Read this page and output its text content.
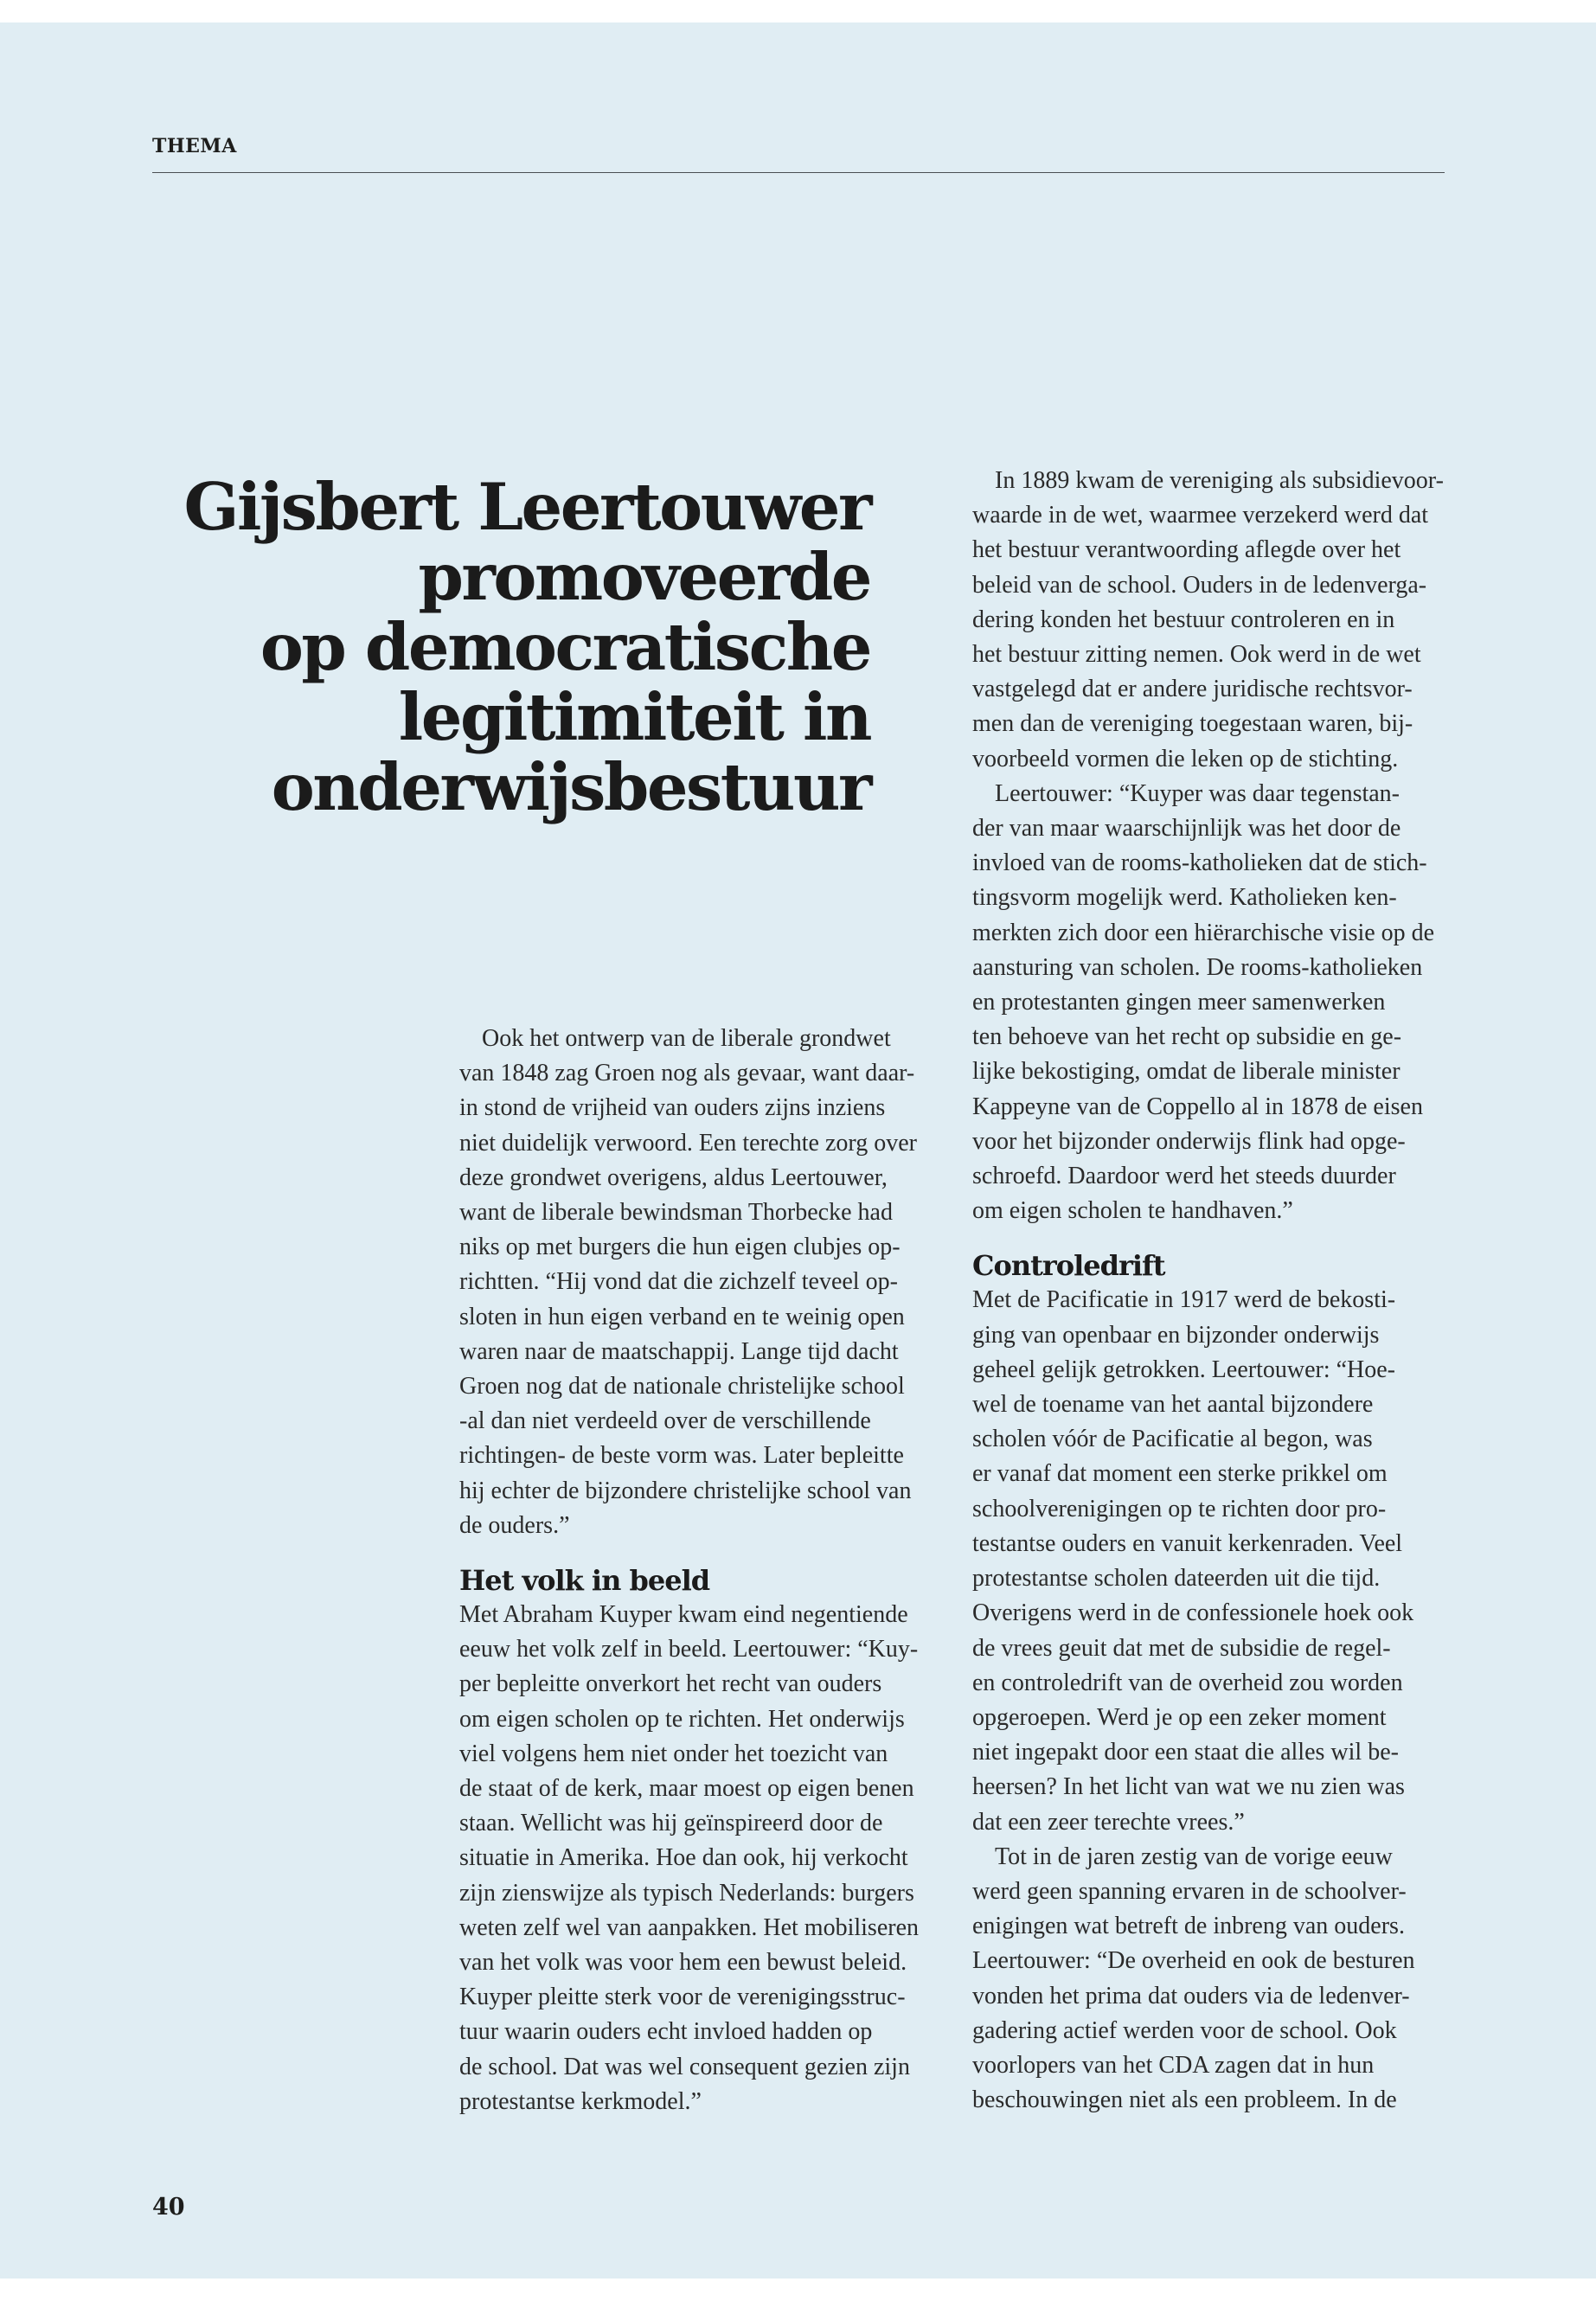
THEMA
Gijsbert Leertouwer
promoveerde
op democratische
legitimiteit in
onderwijsbestuur

Ook het ontwerp van de liberale grondwet
van 1848 zag Groen nog als gevaar, want daar-
in stond de vrijheid van ouders zijns inziens
niet duidelijk verwoord. Een terechte zorg over
deze grondwet overigens, aldus Leertouwer,
want de liberale bewindsman Thorbecke had
niks op met burgers die hun eigen clubjes op-
richtten. “Hij vond dat die zichzelf teveel op-
sloten in hun eigen verband en te weinig open
waren naar de maatschappij. Lange tijd dacht
Groen nog dat de nationale christelijke school
-al dan niet verdeeld over de verschillende
richtingen- de beste vorm was. Later bepleitte
hij echter de bijzondere christelijke school van
de ouders.”

Het volk in beeld

Met Abraham Kuyper kwam eind negentiende
eeuw het volk zelf in beeld. Leertouwer: “Kuy-
per bepleitte onverkort het recht van ouders
om eigen scholen op te richten. Het onderwijs
viel volgens hem niet onder het toezicht van
de staat of de kerk, maar moest op eigen benen
staan. Wellicht was hij geïnspireerd door de
situatie in Amerika. Hoe dan ook, hij verkocht
zijn zienswijze als typisch Nederlands: burgers
weten zelf wel van aanpakken. Het mobiliseren
van het volk was voor hem een bewust beleid.
Kuyper pleitte sterk voor de verenigingsstruc-
tuur waarin ouders echt invloed hadden op
de school. Dat was wel consequent gezien zijn
protestantse kerkmodel.”

In 1889 kwam de vereniging als subsidievoor-
waarde in de wet, waarmee verzekerd werd dat
het bestuur verantwoording aflegde over het
beleid van de school. Ouders in de ledenverga-
dering konden het bestuur controleren en in
het bestuur zitting nemen. Ook werd in de wet
vastgelegd dat er andere juridische rechtsvor-
men dan de vereniging toegestaan waren, bij-
voorbeeld vormen die leken op de stichting.

Leertouwer: “Kuyper was daar tegenstan-
der van maar waarschijnlijk was het door de
invloed van de rooms-katholieken dat de stich-
tingsvorm mogelijk werd. Katholieken ken-
merkten zich door een hiërarchische visie op de
aansturing van scholen. De rooms-katholieken
en protestanten gingen meer samenwerken
ten behoeve van het recht op subsidie en ge-
lijke bekostiging, omdat de liberale minister
Kappeyne van de Coppello al in 1878 de eisen
voor het bijzonder onderwijs flink had opge-
schroefd. Daardoor werd het steeds duurder
om eigen scholen te handhaven.”

Controledrift

Met de Pacificatie in 1917 werd de bekosti-
ging van openbaar en bijzonder onderwijs
geheel gelijk getrokken. Leertouwer: “Hoe-
wel de toename van het aantal bijzondere
scholen vóór de Pacificatie al begon, was
er vanaf dat moment een sterke prikkel om
schoolverenigingen op te richten door pro-
testantse ouders en vanuit kerkenraden. Veel
protestantse scholen dateerden uit die tijd.
Overigens werd in de confessionele hoek ook
de vrees geuit dat met de subsidie de regel-
en controledrift van de overheid zou worden
opgeroepen. Werd je op een zeker moment
niet ingepakt door een staat die alles wil be-
heersen? In het licht van wat we nu zien was
dat een zeer terechte vrees.”

Tot in de jaren zestig van de vorige eeuw
werd geen spanning ervaren in de schoolver-
enigingen wat betreft de inbreng van ouders.
Leertouwer: “De overheid en ook de besturen
vonden het prima dat ouders via de ledenver-
gadering actief werden voor de school. Ook
voorlopers van het CDA zagen dat in hun
beschouwingen niet als een probleem. In de

40
